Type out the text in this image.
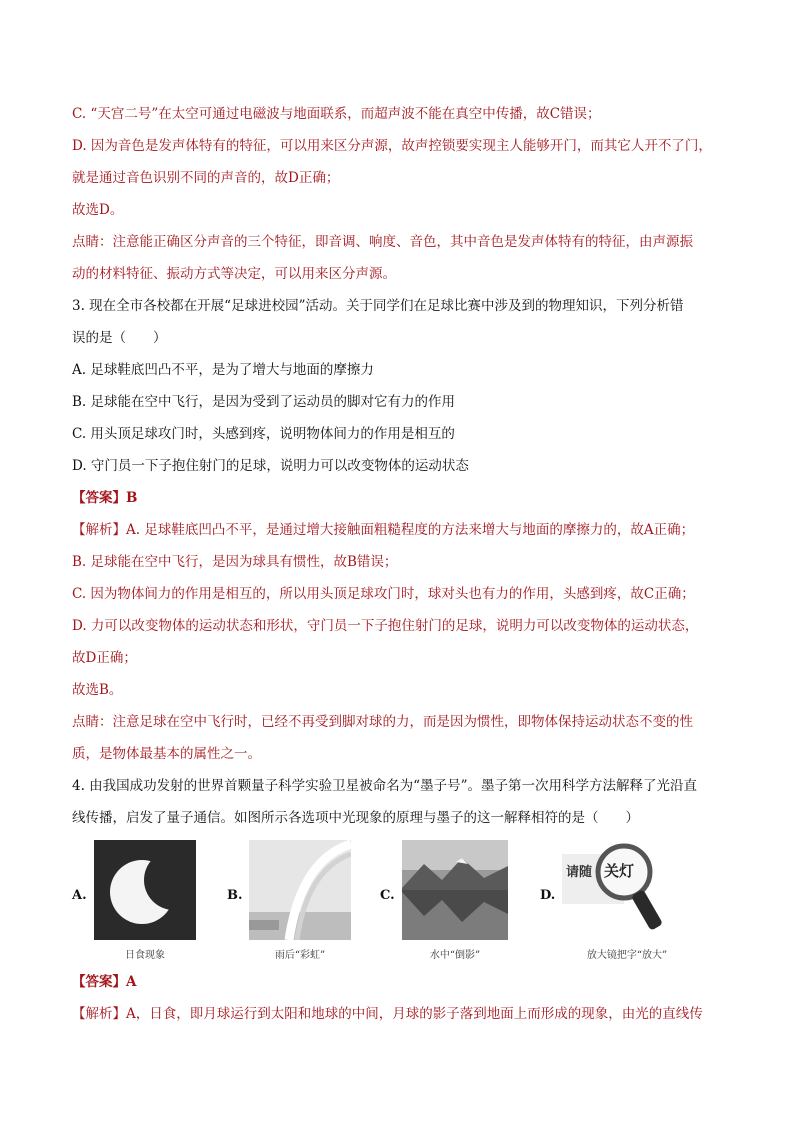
C. “天宫二号”在太空可通过电磁波与地面联系，而超声波不能在真空中传播，故C错误；
D. 因为音色是发声体特有的特征，可以用来区分声源，故声控锁要实现主人能够开门，而其它人开不了门，
就是通过音色识别不同的声音的，故D正确；
故选D。
点睛：注意能正确区分声音的三个特征，即音调、响度、音色，其中音色是发声体特有的特征，由声源振
动的材料特征、振动方式等决定，可以用来区分声源。
3. 现在全市各校都在开展“足球进校园”活动。关于同学们在足球比赛中涉及到的物理知识，下列分析错
误的是（　　）
A. 足球鞋底凹凸不平，是为了增大与地面的摩擦力
B. 足球能在空中飞行，是因为受到了运动员的脚对它有力的作用
C. 用头顶足球攻门时，头感到疼，说明物体间力的作用是相互的
D. 守门员一下子抱住射门的足球，说明力可以改变物体的运动状态
【答案】B
【解析】A. 足球鞋底凹凸不平，是通过增大接触面粗糙程度的方法来增大与地面的摩擦力的，故A正确；
B. 足球能在空中飞行，是因为球具有惯性，故B错误；
C. 因为物体间力的作用是相互的，所以用头顶足球攻门时，球对头也有力的作用，头感到疼，故C正确；
D. 力可以改变物体的运动状态和形状，守门员一下子抱住射门的足球，说明力可以改变物体的运动状态，
故D正确；
故选B。
点睛：注意足球在空中飞行时，已经不再受到脚对球的力，而是因为惯性，即物体保持运动状态不变的性
质，是物体最基本的属性之一。
4. 由我国成功发射的世界首颗量子科学实验卫星被命名为“墨子号”。墨子第一次用科学方法解释了光沿直
线传播，启发了量子通信。如图所示各选项中光现象的原理与墨子的这一解释相符的是（　　）
A.
日食现象
B.
雨后“彩虹”
C.
水中“倒影”
D.
请随 关灯
放大镜把字“放大”
【答案】A
【解析】A，日食，即月球运行到太阳和地球的中间，月球的影子落到地面上而形成的现象，由光的直线传
